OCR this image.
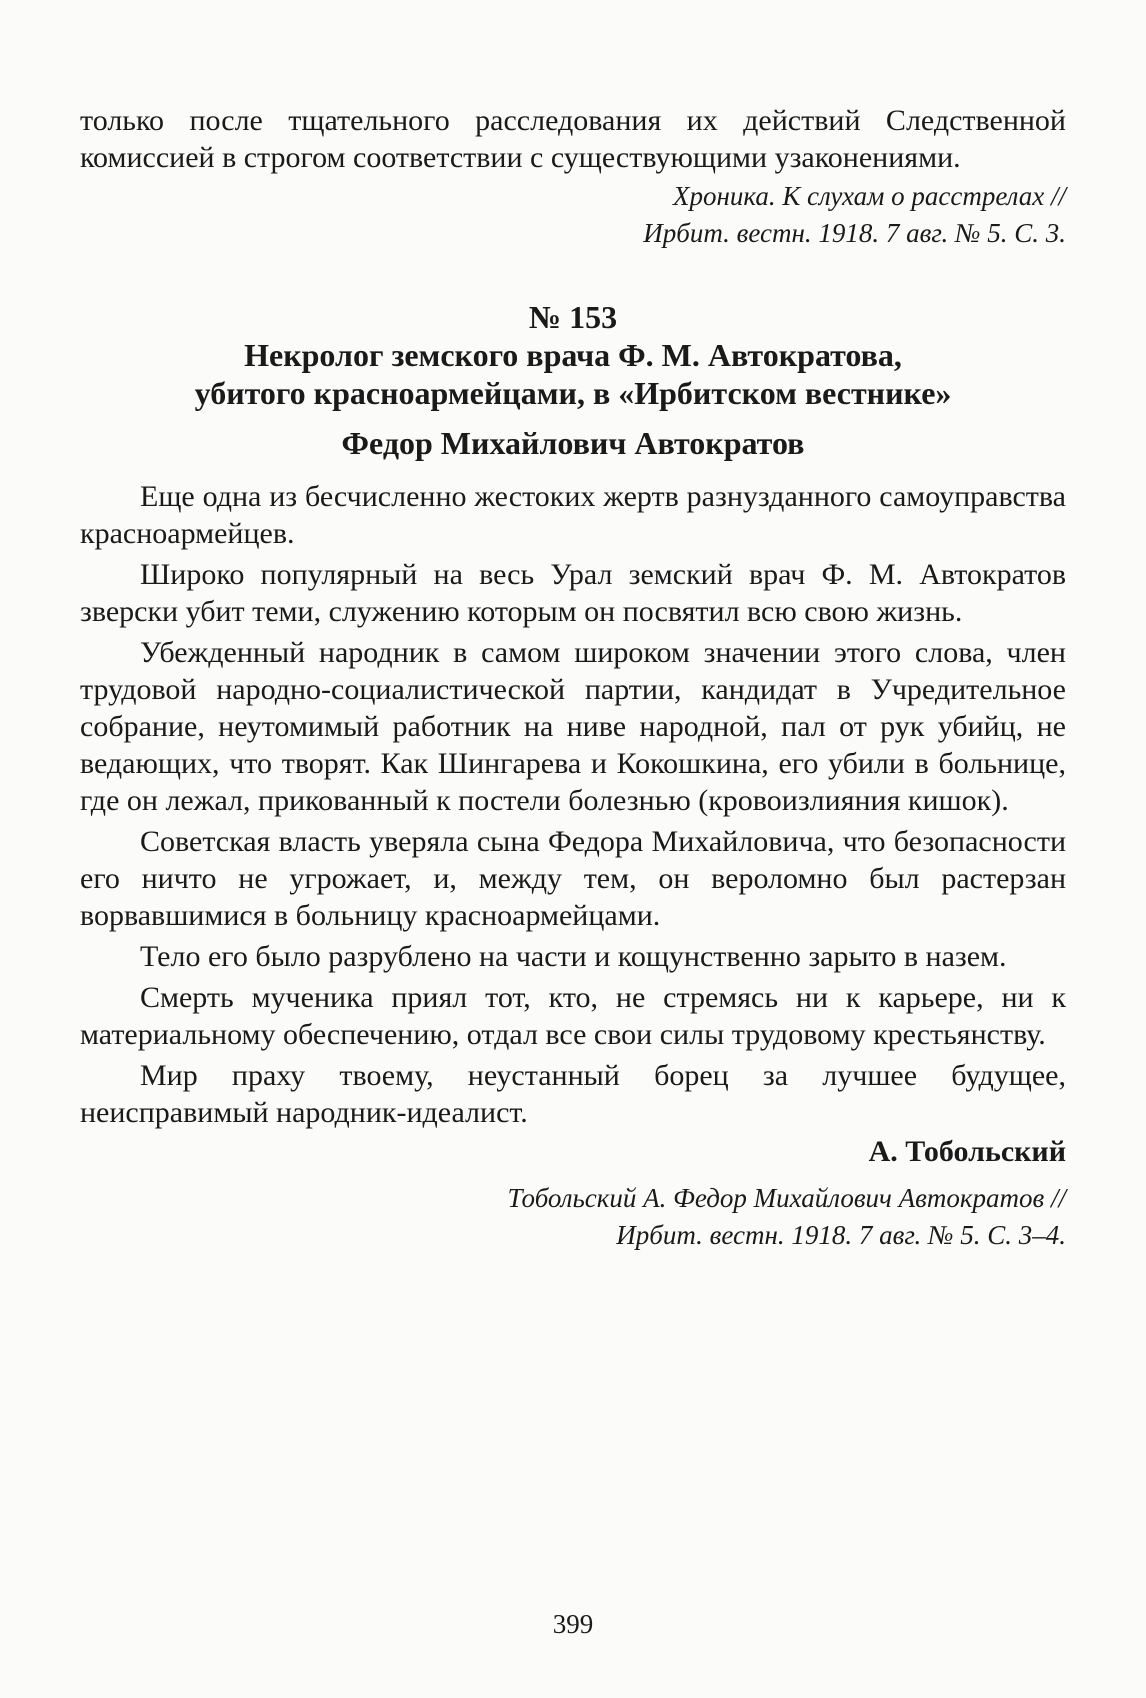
только после тщательного расследования их действий Следственной комиссией в строгом соответствии с существующими узаконениями.

Хроника. К слухам о расстрелах //
Ирбит. вестн. 1918. 7 авг. № 5. С. 3.
№ 153
Некролог земского врача Ф. М. Автократова,
убитого красноармейцами, в «Ирбитском вестнике»
Федор Михайлович Автократов

Еще одна из бесчисленно жестоких жертв разнузданного самоуправства красноармейцев.

Широко популярный на весь Урал земский врач Ф. М. Автократов зверски убит теми, служению которым он посвятил всю свою жизнь.

Убежденный народник в самом широком значении этого слова, член трудовой народно-социалистической партии, кандидат в Учредительное собрание, неутомимый работник на ниве народной, пал от рук убийц, не ведающих, что творят. Как Шингарева и Кокошкина, его убили в больнице, где он лежал, прикованный к постели болезнью (кровоизлияния кишок).

Советская власть уверяла сына Федора Михайловича, что безопасности его ничто не угрожает, и, между тем, он вероломно был растерзан ворвавшимися в больницу красноармейцами.

Тело его было разрублено на части и кощунственно зарыто в назем.

Смерть мученика приял тот, кто, не стремясь ни к карьере, ни к материальному обеспечению, отдал все свои силы трудовому крестьянству.

Мир праху твоему, неустанный борец за лучшее будущее, неисправимый народник-идеалист.

А. Тобольский
Тобольский А. Федор Михайлович Автократов //
Ирбит. вестн. 1918. 7 авг. № 5. С. 3–4.
399
